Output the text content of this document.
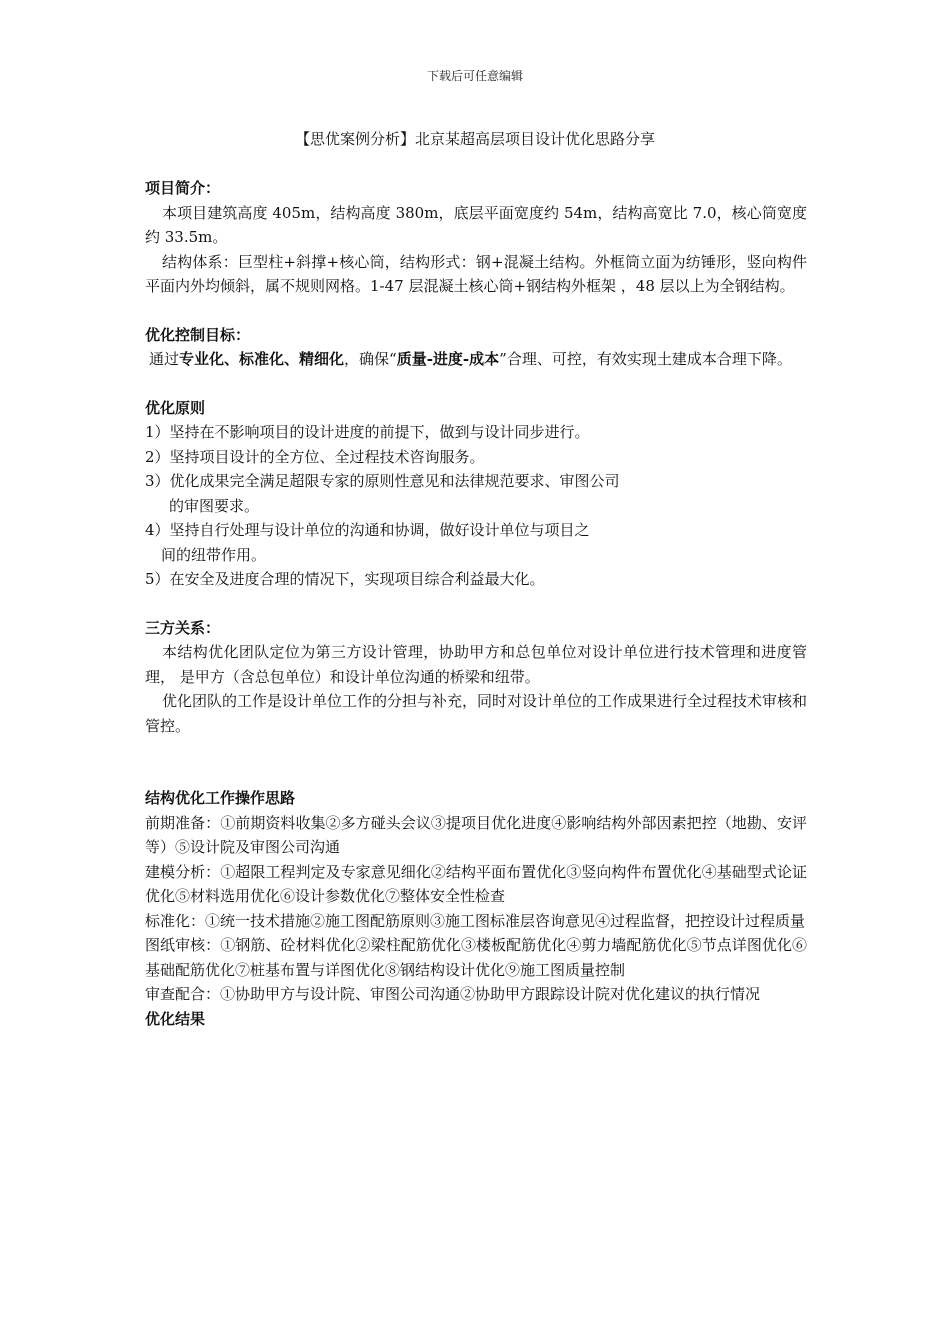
下载后可任意编辑
【思优案例分析】北京某超高层项目设计优化思路分享

项目简介：

本项目建筑高度 405m，结构高度 380m，底层平面宽度约 54m，结构高宽比 7.0，核心筒宽度约 33.5m。

结构体系：巨型柱+斜撑+核心筒，结构形式：钢+混凝土结构。外框筒立面为纺锤形，竖向构件平面内外均倾斜，属不规则网格。1-47 层混凝土核心筒+钢结构外框架 ，48 层以上为全钢结构。

优化控制目标：

通过专业化、标准化、精细化，确保“质量-进度-成本”合理、可控，有效实现土建成本合理下降。

优化原则

1）坚持在不影响项目的设计进度的前提下，做到与设计同步进行。

2）坚持项目设计的全方位、全过程技术咨询服务。

3）优化成果完全满足超限专家的原则性意见和法律规范要求、审图公司

的审图要求。

4）坚持自行处理与设计单位的沟通和协调，做好设计单位与项目之

间的纽带作用。

5）在安全及进度合理的情况下，实现项目综合利益最大化。

三方关系：

本结构优化团队定位为第三方设计管理，协助甲方和总包单位对设计单位进行技术管理和进度管理， 是甲方（含总包单位）和设计单位沟通的桥梁和纽带。

优化团队的工作是设计单位工作的分担与补充，同时对设计单位的工作成果进行全过程技术审核和管控。

结构优化工作操作思路

前期准备：①前期资料收集②多方碰头会议③提项目优化进度④影响结构外部因素把控（地勘、安评等）⑤设计院及审图公司沟通

建模分析：①超限工程判定及专家意见细化②结构平面布置优化③竖向构件布置优化④基础型式论证优化⑤材料选用优化⑥设计参数优化⑦整体安全性检查

标准化：①统一技术措施②施工图配筋原则③施工图标准层咨询意见④过程监督，把控设计过程质量

图纸审核：①钢筋、砼材料优化②梁柱配筋优化③楼板配筋优化④剪力墙配筋优化⑤节点详图优化⑥基础配筋优化⑦桩基布置与详图优化⑧钢结构设计优化⑨施工图质量控制

审查配合：①协助甲方与设计院、审图公司沟通②协助甲方跟踪设计院对优化建议的执行情况

优化结果
